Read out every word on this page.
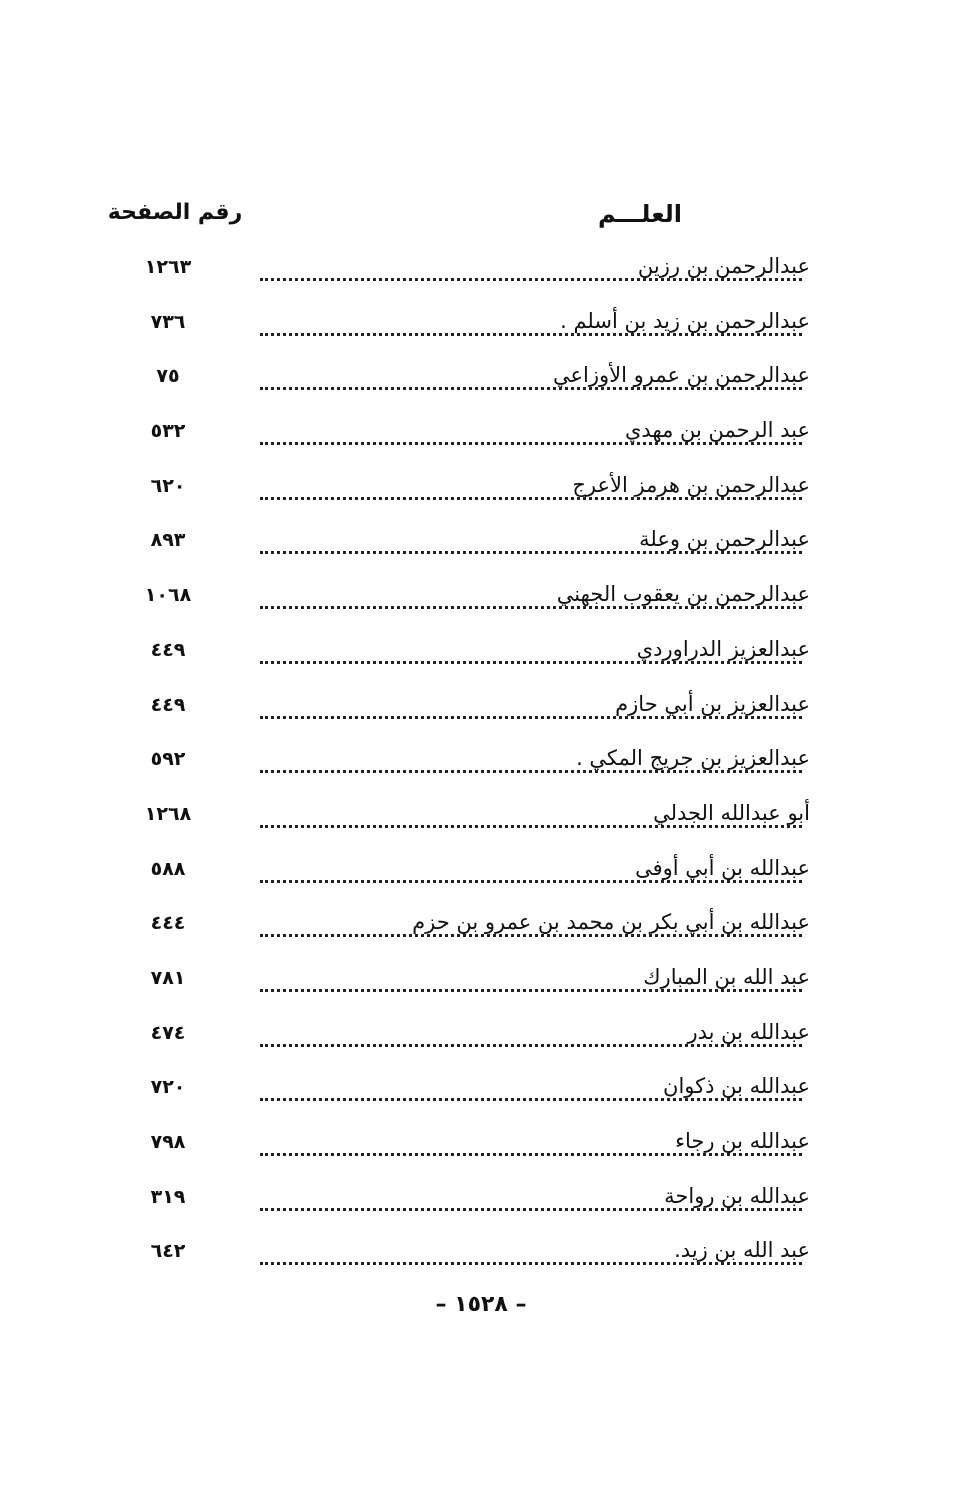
العلـــم
رقم الصفحة
عبدالرحمن بن رزين
١٢٦٣
عبدالرحمن بن زيد بن أسلم .
٧٣٦
عبدالرحمن بن عمرو الأوزاعي
٧٥
عبد الرحمن بن مهدي
٥٣٢
عبدالرحمن بن هرمز الأعرج
٦٢٠
عبدالرحمن بن وعلة
٨٩٣
عبدالرحمن بن يعقوب الجهني
١٠٦٨
عبدالعزيز الدراوردي
٤٤٩
عبدالعزيز بن أبي حازم
٤٤٩
عبدالعزيز بن جريج المكي .
٥٩٢
أبو عبدالله الجدلي
١٢٦٨
عبدالله بن أبي أوفى
٥٨٨
عبدالله بن أبي بكر بن محمد بن عمرو بن حزم
٤٤٤
عبد الله بن المبارك
٧٨١
عبدالله بن بدر
٤٧٤
عبدالله بن ذكوان
٧٢٠
عبدالله بن رجاء
٧٩٨
عبدالله بن رواحة
٣١٩
عبد الله بن زيد.
٦٤٢
– ١٥٢٨ –
